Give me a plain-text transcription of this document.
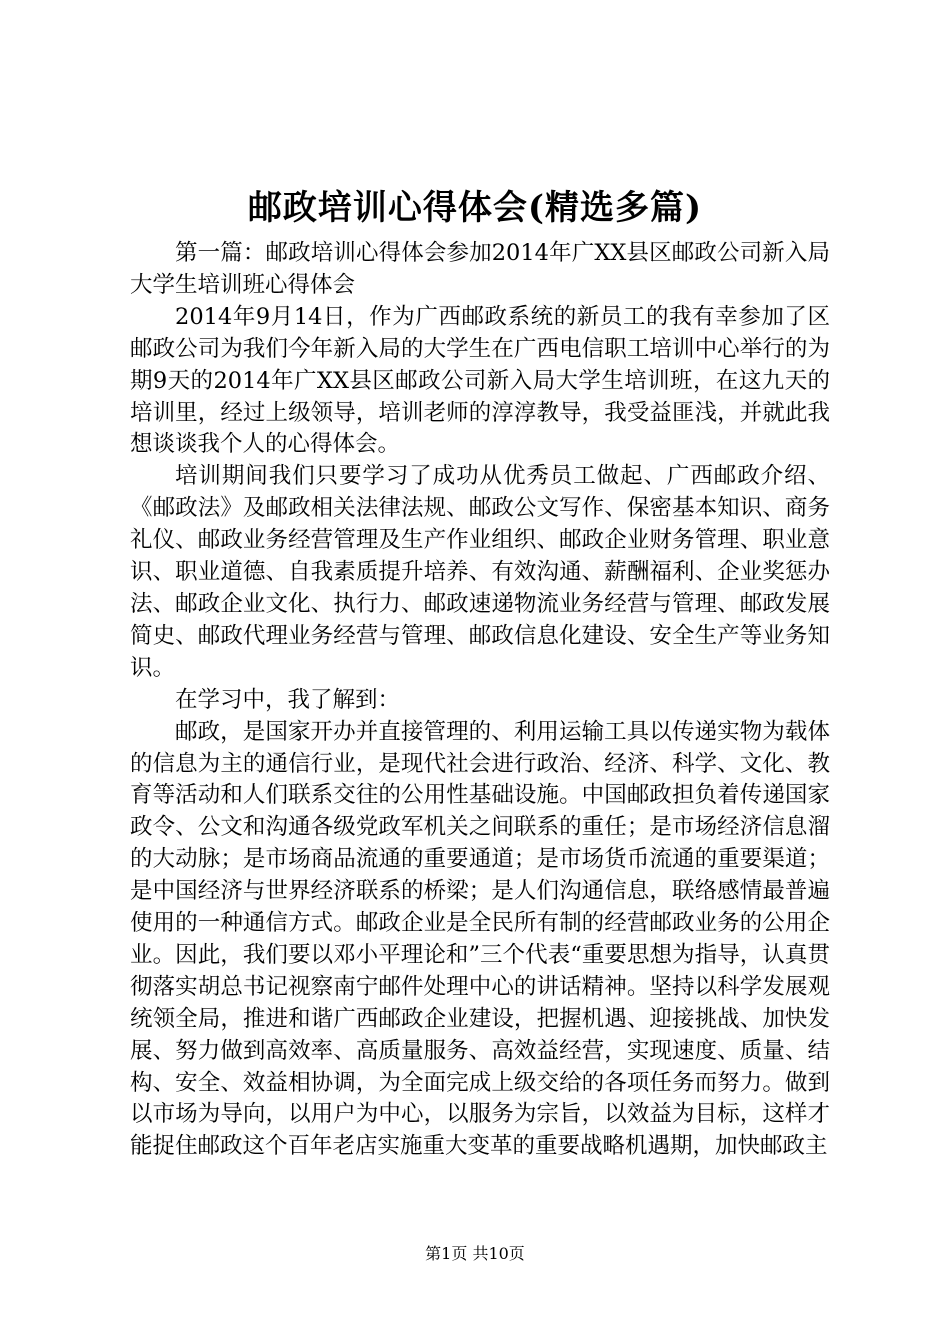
邮政培训心得体会(精选多篇)

第一篇：邮政培训心得体会参加2014年广XX县区邮政公司新入局大学生培训班心得体会

2014年9月14日，作为广西邮政系统的新员工的我有幸参加了区邮政公司为我们今年新入局的大学生在广西电信职工培训中心举行的为期9天的2014年广XX县区邮政公司新入局大学生培训班，在这九天的培训里，经过上级领导，培训老师的淳淳教导，我受益匪浅，并就此我想谈谈我个人的心得体会。

培训期间我们只要学习了成功从优秀员工做起、广西邮政介绍、《邮政法》及邮政相关法律法规、邮政公文写作、保密基本知识、商务礼仪、邮政业务经营管理及生产作业组织、邮政企业财务管理、职业意识、职业道德、自我素质提升培养、有效沟通、薪酬福利、企业奖惩办法、邮政企业文化、执行力、邮政速递物流业务经营与管理、邮政发展简史、邮政代理业务经营与管理、邮政信息化建设、安全生产等业务知识。

在学习中，我了解到：

邮政，是国家开办并直接管理的、利用运输工具以传递实物为载体的信息为主的通信行业，是现代社会进行政治、经济、科学、文化、教育等活动和人们联系交往的公用性基础设施。中国邮政担负着传递国家政令、公文和沟通各级党政军机关之间联系的重任；是市场经济信息溜的大动脉；是市场商品流通的重要通道；是市场货币流通的重要渠道；是中国经济与世界经济联系的桥梁；是人们沟通信息，联络感情最普遍使用的一种通信方式。邮政企业是全民所有制的经营邮政业务的公用企业。因此，我们要以邓小平理论和”三个代表“重要思想为指导，认真贯彻落实胡总书记视察南宁邮件处理中心的讲话精神。坚持以科学发展观统领全局，推进和谐广西邮政企业建设，把握机遇、迎接挑战、加快发展、努力做到高效率、高质量服务、高效益经营，实现速度、质量、结构、安全、效益相协调，为全面完成上级交给的各项任务而努力。做到以市场为导向，以用户为中心，以服务为宗旨，以效益为目标，这样才能捉住邮政这个百年老店实施重大变革的重要战略机遇期，加快邮政主

第1页 共10页
